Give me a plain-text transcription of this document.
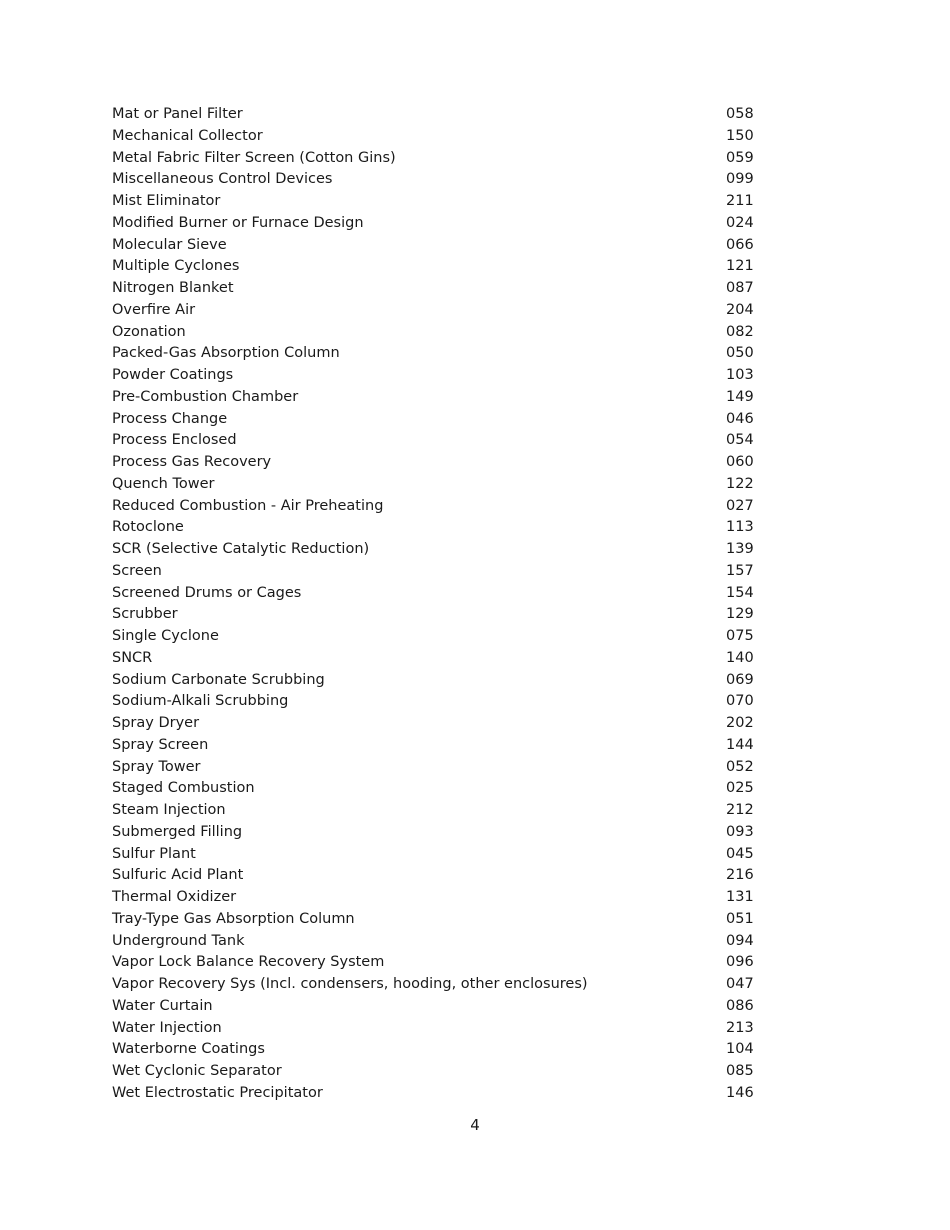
Mat or Panel Filter	058
Mechanical Collector	150
Metal Fabric Filter Screen (Cotton Gins)	059
Miscellaneous Control Devices	099
Mist Eliminator	211
Modified Burner or Furnace Design	024
Molecular Sieve	066
Multiple Cyclones	121
Nitrogen Blanket	087
Overfire Air	204
Ozonation	082
Packed-Gas Absorption Column	050
Powder Coatings	103
Pre-Combustion Chamber	149
Process Change	046
Process Enclosed	054
Process Gas Recovery	060
Quench Tower	122
Reduced Combustion - Air Preheating	027
Rotoclone	113
SCR (Selective Catalytic Reduction)	139
Screen	157
Screened Drums or Cages	154
Scrubber	129
Single Cyclone	075
SNCR	140
Sodium Carbonate Scrubbing	069
Sodium-Alkali Scrubbing	070
Spray Dryer	202
Spray Screen	144
Spray Tower	052
Staged Combustion	025
Steam Injection	212
Submerged Filling	093
Sulfur Plant	045
Sulfuric Acid Plant	216
Thermal Oxidizer	131
Tray-Type Gas Absorption Column	051
Underground Tank	094
Vapor Lock Balance Recovery System	096
Vapor Recovery Sys (Incl. condensers, hooding, other enclosures)	047
Water Curtain	086
Water Injection	213
Waterborne Coatings	104
Wet Cyclonic Separator	085
Wet Electrostatic Precipitator	146
4
